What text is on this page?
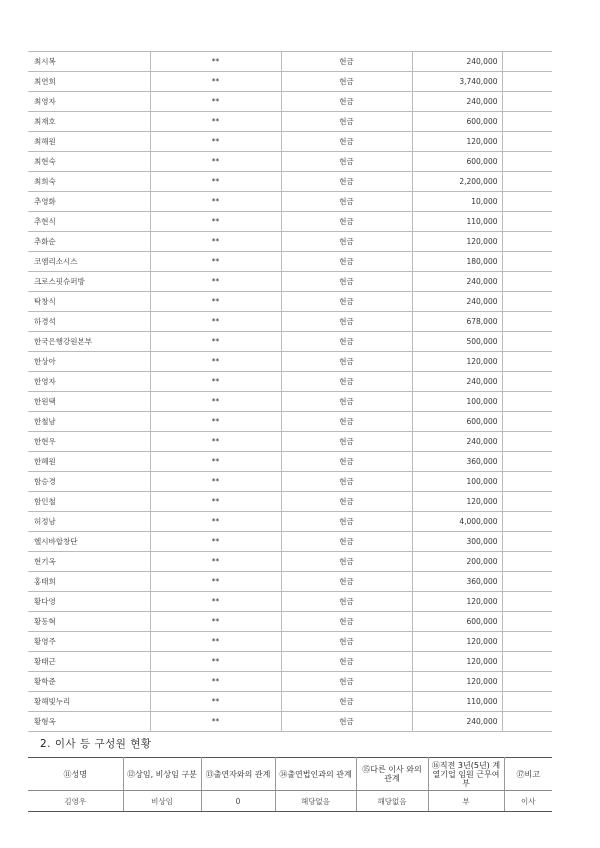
최시복	**	현금	240,000	
최연희	**	현금	3,740,000	
최영자	**	현금	240,000	
최재호	**	현금	600,000	
최해원	**	현금	120,000	
최현숙	**	현금	600,000	
최희숙	**	현금	2,200,000	
추영화	**	현금	10,000	
추현식	**	현금	110,000	
추화순	**	현금	120,000	
코엠리소시스	**	현금	180,000	
크로스핏슈퍼방	**	현금	240,000	
탁창식	**	현금	240,000	
하경석	**	현금	678,000	
한국은행강원본부	**	현금	500,000	
한상아	**	현금	120,000	
한영자	**	현금	240,000	
한원택	**	현금	100,000	
한철남	**	현금	600,000	
한현우	**	현금	240,000	
한혜원	**	현금	360,000	
함승경	**	현금	100,000	
함인철	**	현금	120,000	
허정남	**	현금	4,000,000	
헬시바합창단	**	현금	300,000	
현기옥	**	현금	200,000	
홍태희	**	현금	360,000	
황다영	**	현금	120,000	
황동혁	**	현금	600,000	
황영주	**	현금	120,000	
황태근	**	현금	120,000	
황학준	**	현금	120,000	
황해빛누리	**	현금	110,000	
황형옥	**	현금	240,000	
2. 이사 등 구성원 현황
⑪성명	⑫상임, 비상임 구분	⑬출연자와의 관계	⑭출연법인과의 관계	⑮다른 이사 와의 관계	⑯직전 3년(5년) 계열기업 임원 근무여부	⑰비고
김영우	비상임	0	해당없음	해당없음	부	이사
